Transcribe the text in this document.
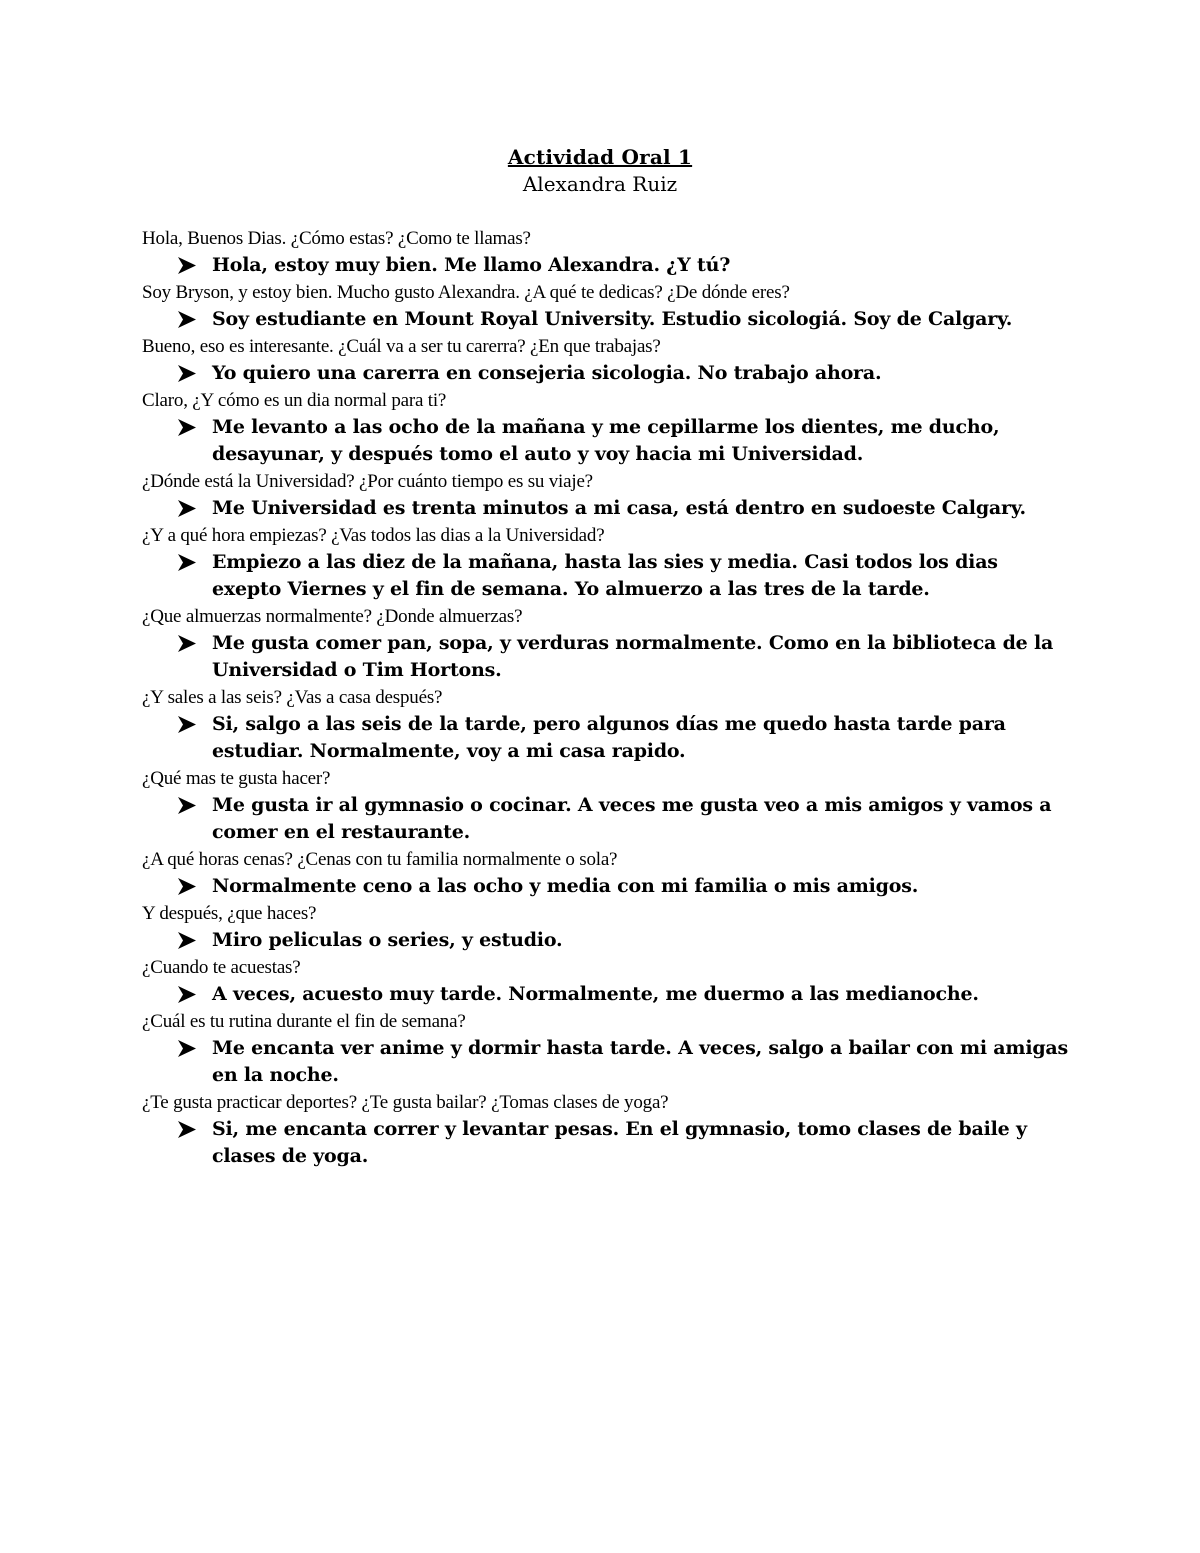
Actividad Oral 1
Alexandra Ruiz
Hola, Buenos Dias. ¿Cómo estas? ¿Como te llamas?
Hola, estoy muy bien. Me llamo Alexandra. ¿Y tú?
Soy Bryson, y estoy bien. Mucho gusto Alexandra. ¿A qué te dedicas? ¿De dónde eres?
Soy estudiante en Mount Royal University. Estudio sicologiá. Soy de Calgary.
Bueno, eso es interesante. ¿Cuál va a ser tu carerra? ¿En que trabajas?
Yo quiero una carerra en consejeria sicologia. No trabajo ahora.
Claro, ¿Y cómo es un dia normal para ti?
Me levanto a las ocho de la mañana y me cepillarme los dientes, me ducho, desayunar, y después tomo el auto y voy hacia mi Universidad.
¿Dónde está la Universidad? ¿Por cuánto tiempo es su viaje?
Me Universidad es trenta minutos a mi casa, está dentro en sudoeste Calgary.
¿Y a qué hora empiezas? ¿Vas todos las dias a la Universidad?
Empiezo a las diez de la mañana, hasta las sies y media. Casi todos los dias exepto Viernes y el fin de semana. Yo almuerzo a las tres de la tarde.
¿Que almuerzas normalmente? ¿Donde almuerzas?
Me gusta comer pan, sopa, y verduras normalmente. Como en la biblioteca de la Universidad o Tim Hortons.
¿Y sales a las seis? ¿Vas a casa después?
Si, salgo a las seis de la tarde, pero algunos días me quedo hasta tarde para estudiar. Normalmente, voy a mi casa rapido.
¿Qué mas te gusta hacer?
Me gusta ir al gymnasio o cocinar. A veces me gusta veo a mis amigos y vamos a comer en el restaurante.
¿A qué horas cenas? ¿Cenas con tu familia normalmente o sola?
Normalmente ceno a las ocho y media con mi familia o mis amigos.
Y después, ¿que haces?
Miro peliculas o series, y estudio.
¿Cuando te acuestas?
A veces, acuesto muy tarde. Normalmente, me duermo a las medianoche.
¿Cuál es tu rutina durante el fin de semana?
Me encanta ver anime y dormir hasta tarde. A veces, salgo a bailar con mi amigas en la noche.
¿Te gusta practicar deportes? ¿Te gusta bailar? ¿Tomas clases de yoga?
Si, me encanta correr y levantar pesas. En el gymnasio, tomo clases de baile y clases de yoga.
